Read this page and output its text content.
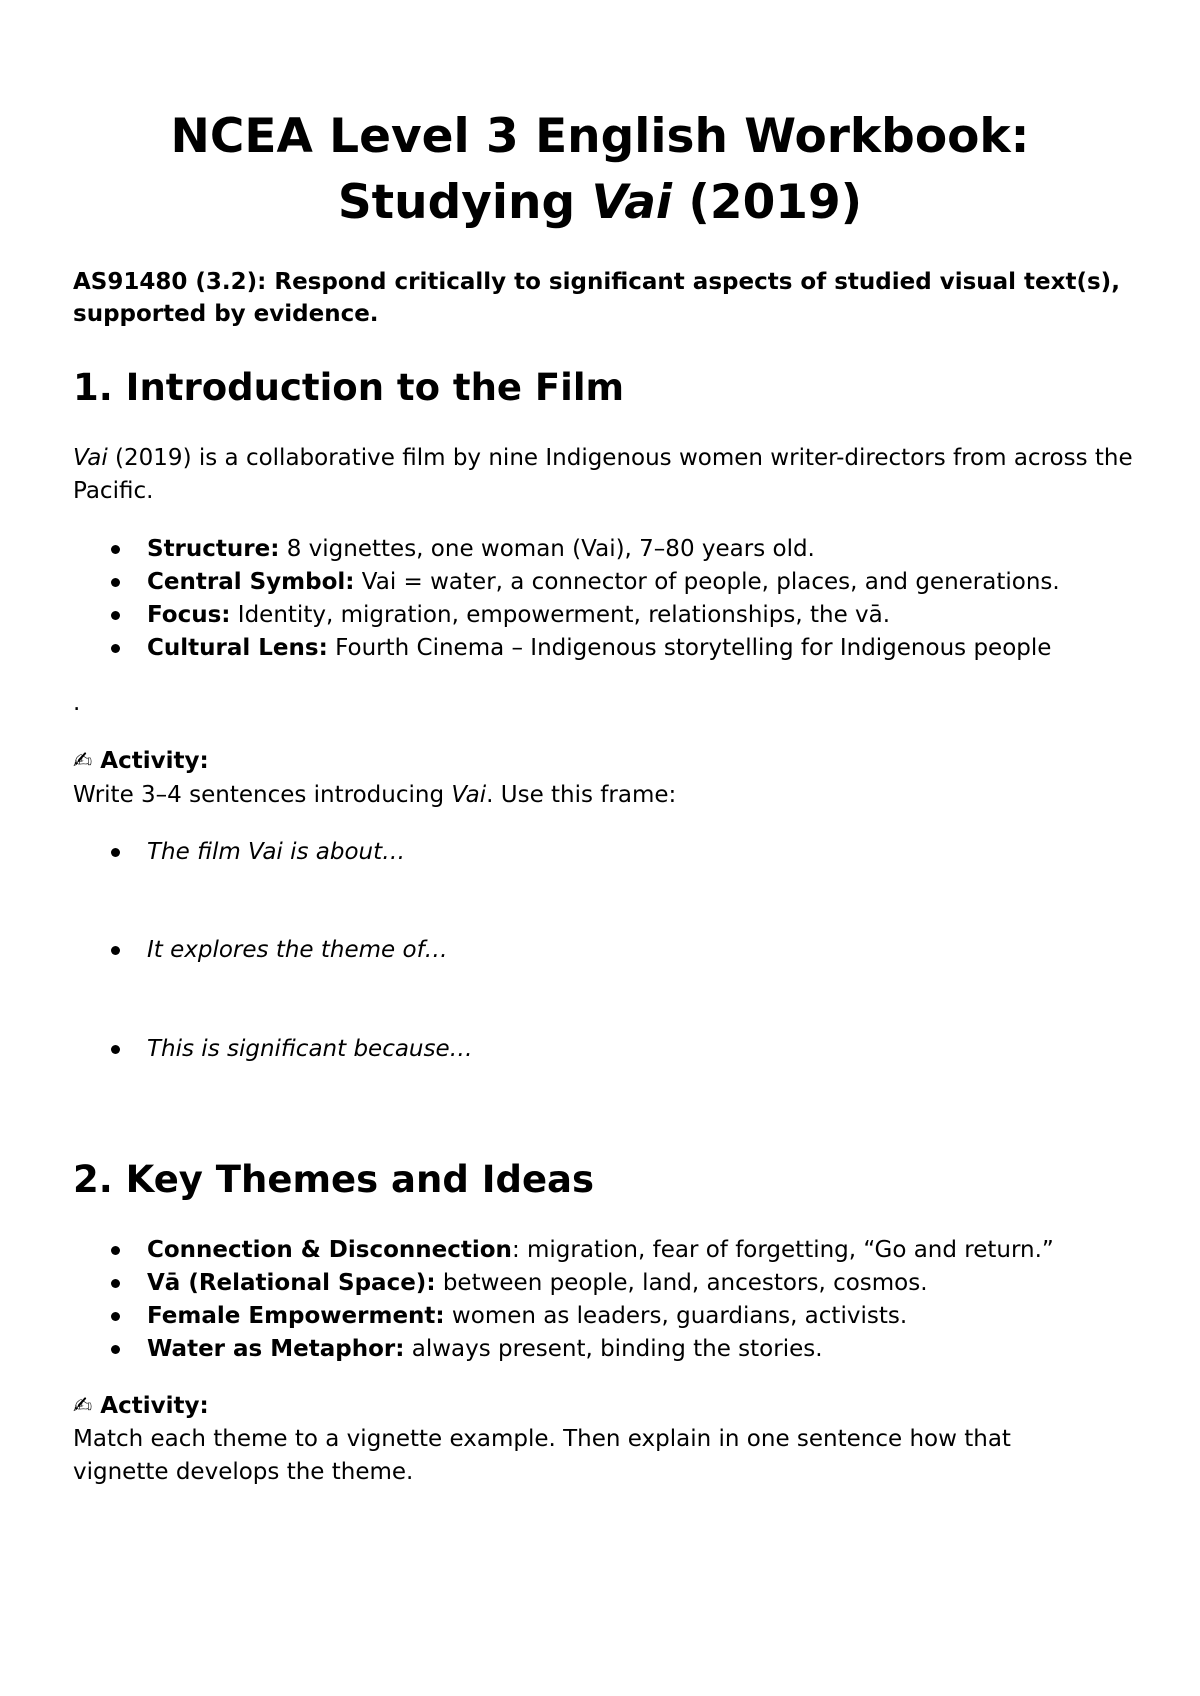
NCEA Level 3 English Workbook:
Studying Vai (2019)

AS91480 (3.2): Respond critically to significant aspects of studied visual text(s), supported by evidence.

1. Introduction to the Film

Vai (2019) is a collaborative film by nine Indigenous women writer-directors from across the Pacific.

Structure: 8 vignettes, one woman (Vai), 7–80 years old.
Central Symbol: Vai = water, a connector of people, places, and generations.
Focus: Identity, migration, empowerment, relationships, the vā.
Cultural Lens: Fourth Cinema – Indigenous storytelling for Indigenous people

.

✍ Activity:

Write 3–4 sentences introducing Vai. Use this frame:

The film Vai is about…
It explores the theme of…
This is significant because…
2. Key Themes and Ideas
Connection & Disconnection: migration, fear of forgetting, “Go and return.”
Vā (Relational Space): between people, land, ancestors, cosmos.
Female Empowerment: women as leaders, guardians, activists.
Water as Metaphor: always present, binding the stories.

✍ Activity:

Match each theme to a vignette example. Then explain in one sentence how that vignette develops the theme.
